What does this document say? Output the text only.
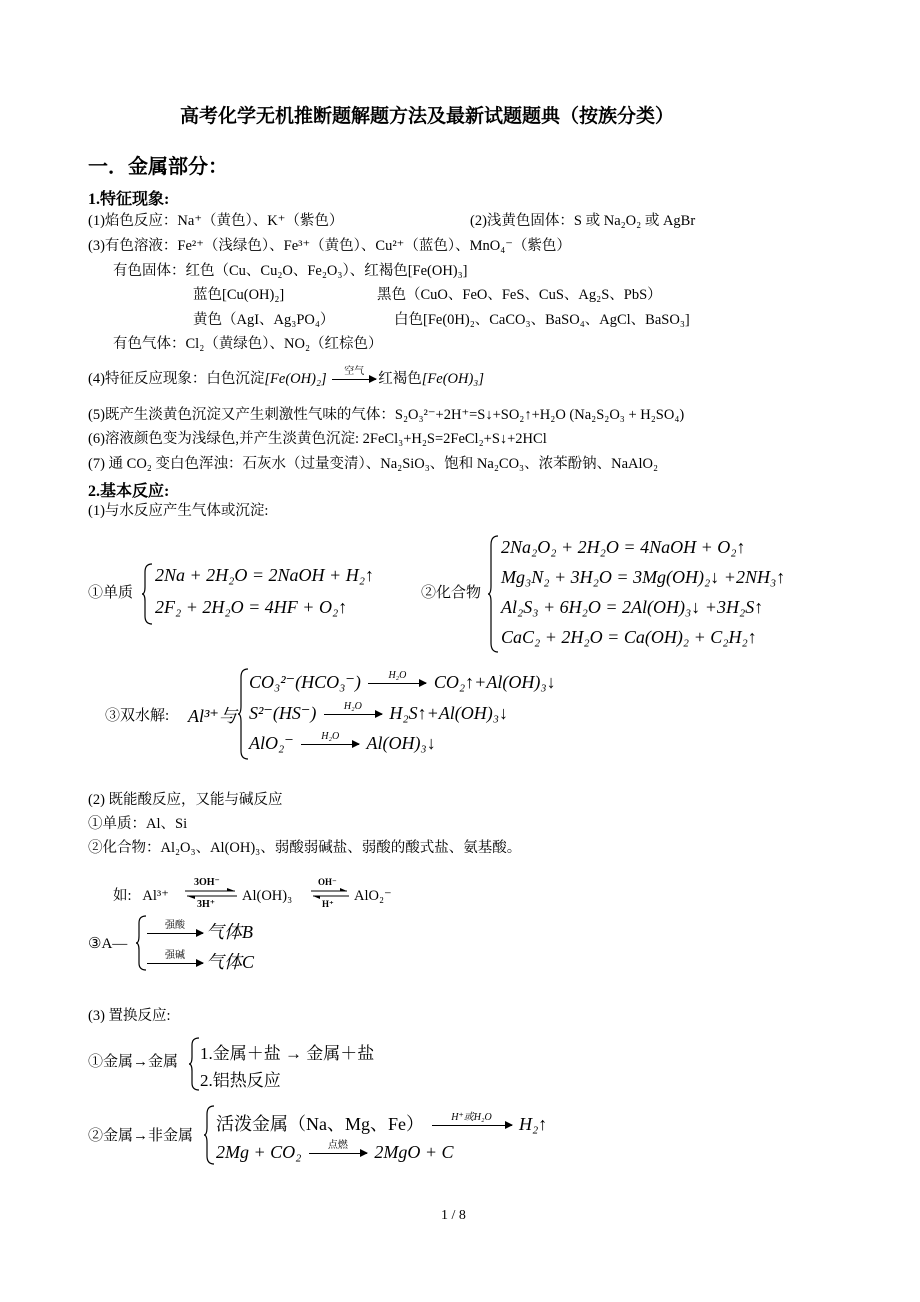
高考化学无机推断题解题方法及最新试题题典（按族分类）
一．金属部分：
1.特征现象:
(1)焰色反应：Na⁺（黄色）、K⁺（紫色）	(2)浅黄色固体：S 或 Na₂O₂ 或 AgBr
(3)有色溶液：Fe²⁺（浅绿色）、Fe³⁺（黄色）、Cu²⁺（蓝色）、MnO₄⁻（紫色）
有色固体：红色（Cu、Cu₂O、Fe₂O₃）、红褐色[Fe(OH)₃]
蓝色[Cu(OH)₂]	黑色（CuO、FeO、FeS、CuS、Ag₂S、PbS）
黄色（AgI、Ag₃PO₄）	白色[Fe(0H)₂、CaCO₃、BaSO₄、AgCl、BaSO₃]
有色气体：Cl₂（黄绿色）、NO₂（红棕色）
(4)特征反应现象：白色沉淀[Fe(OH)₂]	空气 红褐色[Fe(OH)₃]
(5)既产生淡黄色沉淀又产生刺激性气味的气体：S₂O₃²⁻+2H⁺=S↓+SO₂↑+H₂O (Na₂S₂O₃ + H₂SO₄)
(6)溶液颜色变为浅绿色,并产生淡黄色沉淀: 2FeCl₃+H₂S=2FeCl₂+S↓+2HCl
(7) 通 CO₂ 变白色浑浊：石灰水（过量变清）、Na₂SiO₃、饱和 Na₂CO₃、浓苯酚钠、NaAlO₂
2.基本反应:
(1)与水反应产生气体或沉淀:
①单质
2Na + 2H₂O = 2NaOH + H₂↑
2F₂ + 2H₂O = 4HF + O₂↑
②化合物
2Na₂O₂ + 2H₂O = 4NaOH + O₂↑
Mg₃N₂ + 3H₂O = 3Mg(OH)₂↓ +2NH₃↑
Al₂S₃ + 6H₂O = 2Al(OH)₃↓ +3H₂S↑
CaC₂ + 2H₂O = Ca(OH)₂ + C₂H₂↑
③双水解: Al³⁺与
CO₃²⁻(HCO₃⁻)	H₂O	CO₂↑+Al(OH)₃↓
S²⁻(HS⁻)	H₂O	H₂S↑+Al(OH)₃↓
AlO₂⁻	H₂O	Al(OH)₃↓
(2) 既能酸反应，又能与碱反应
①单质：Al、Si
②化合物：Al₂O₃、Al(OH)₃、弱酸弱碱盐、弱酸的酸式盐、氨基酸。
如: Al³⁺ ⇌
3OH⁻
3H⁺
Al(OH)₃ ⇌
OH⁻
H⁺ AlO₂⁻
③A—
强酸	气体B
强碱	气体C
(3) 置换反应:
①金属→金属 1.金属＋盐 → 金属＋盐
2.铝热反应
②金属→非金属
活泼金属（Na、Mg、Fe）	H⁺或H₂O	H₂↑
2Mg + CO₂	点燃	2MgO + C
1 / 8
